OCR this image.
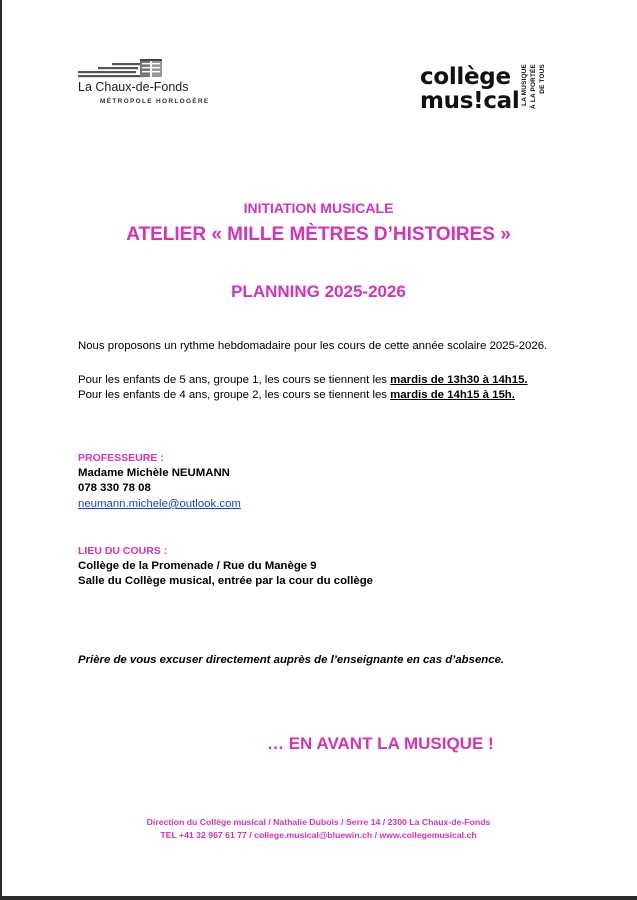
La Chaux-de-Fonds
MÉTROPOLE HORLOGÈRE
collège
mus!cal LA MUSIQUE À LA PORTÉE DE TOUS
INITIATION MUSICALE
ATELIER « MILLE MÈTRES D’HISTOIRES »
PLANNING 2025-2026
Nous proposons un rythme hebdomadaire pour les cours de cette année scolaire 2025-2026.
Pour les enfants de 5 ans, groupe 1, les cours se tiennent les mardis de 13h30 à 14h15.
Pour les enfants de 4 ans, groupe 2, les cours se tiennent les mardis de 14h15 à 15h.
PROFESSEURE :
Madame Michèle NEUMANN
078 330 78 08
neumann.michele@outlook.com
LIEU DU COURS :
Collège de la Promenade / Rue du Manège 9
Salle du Collège musical, entrée par la cour du collège
Prière de vous excuser directement auprès de l’enseignante en cas d’absence.
… EN AVANT LA MUSIQUE !
Direction du Collège musical / Nathalie Dubois / Serre 14 / 2300 La Chaux-de-Fonds
TEL +41 32 967 61 77 / college.musical@bluewin.ch / www.collegemusical.ch
